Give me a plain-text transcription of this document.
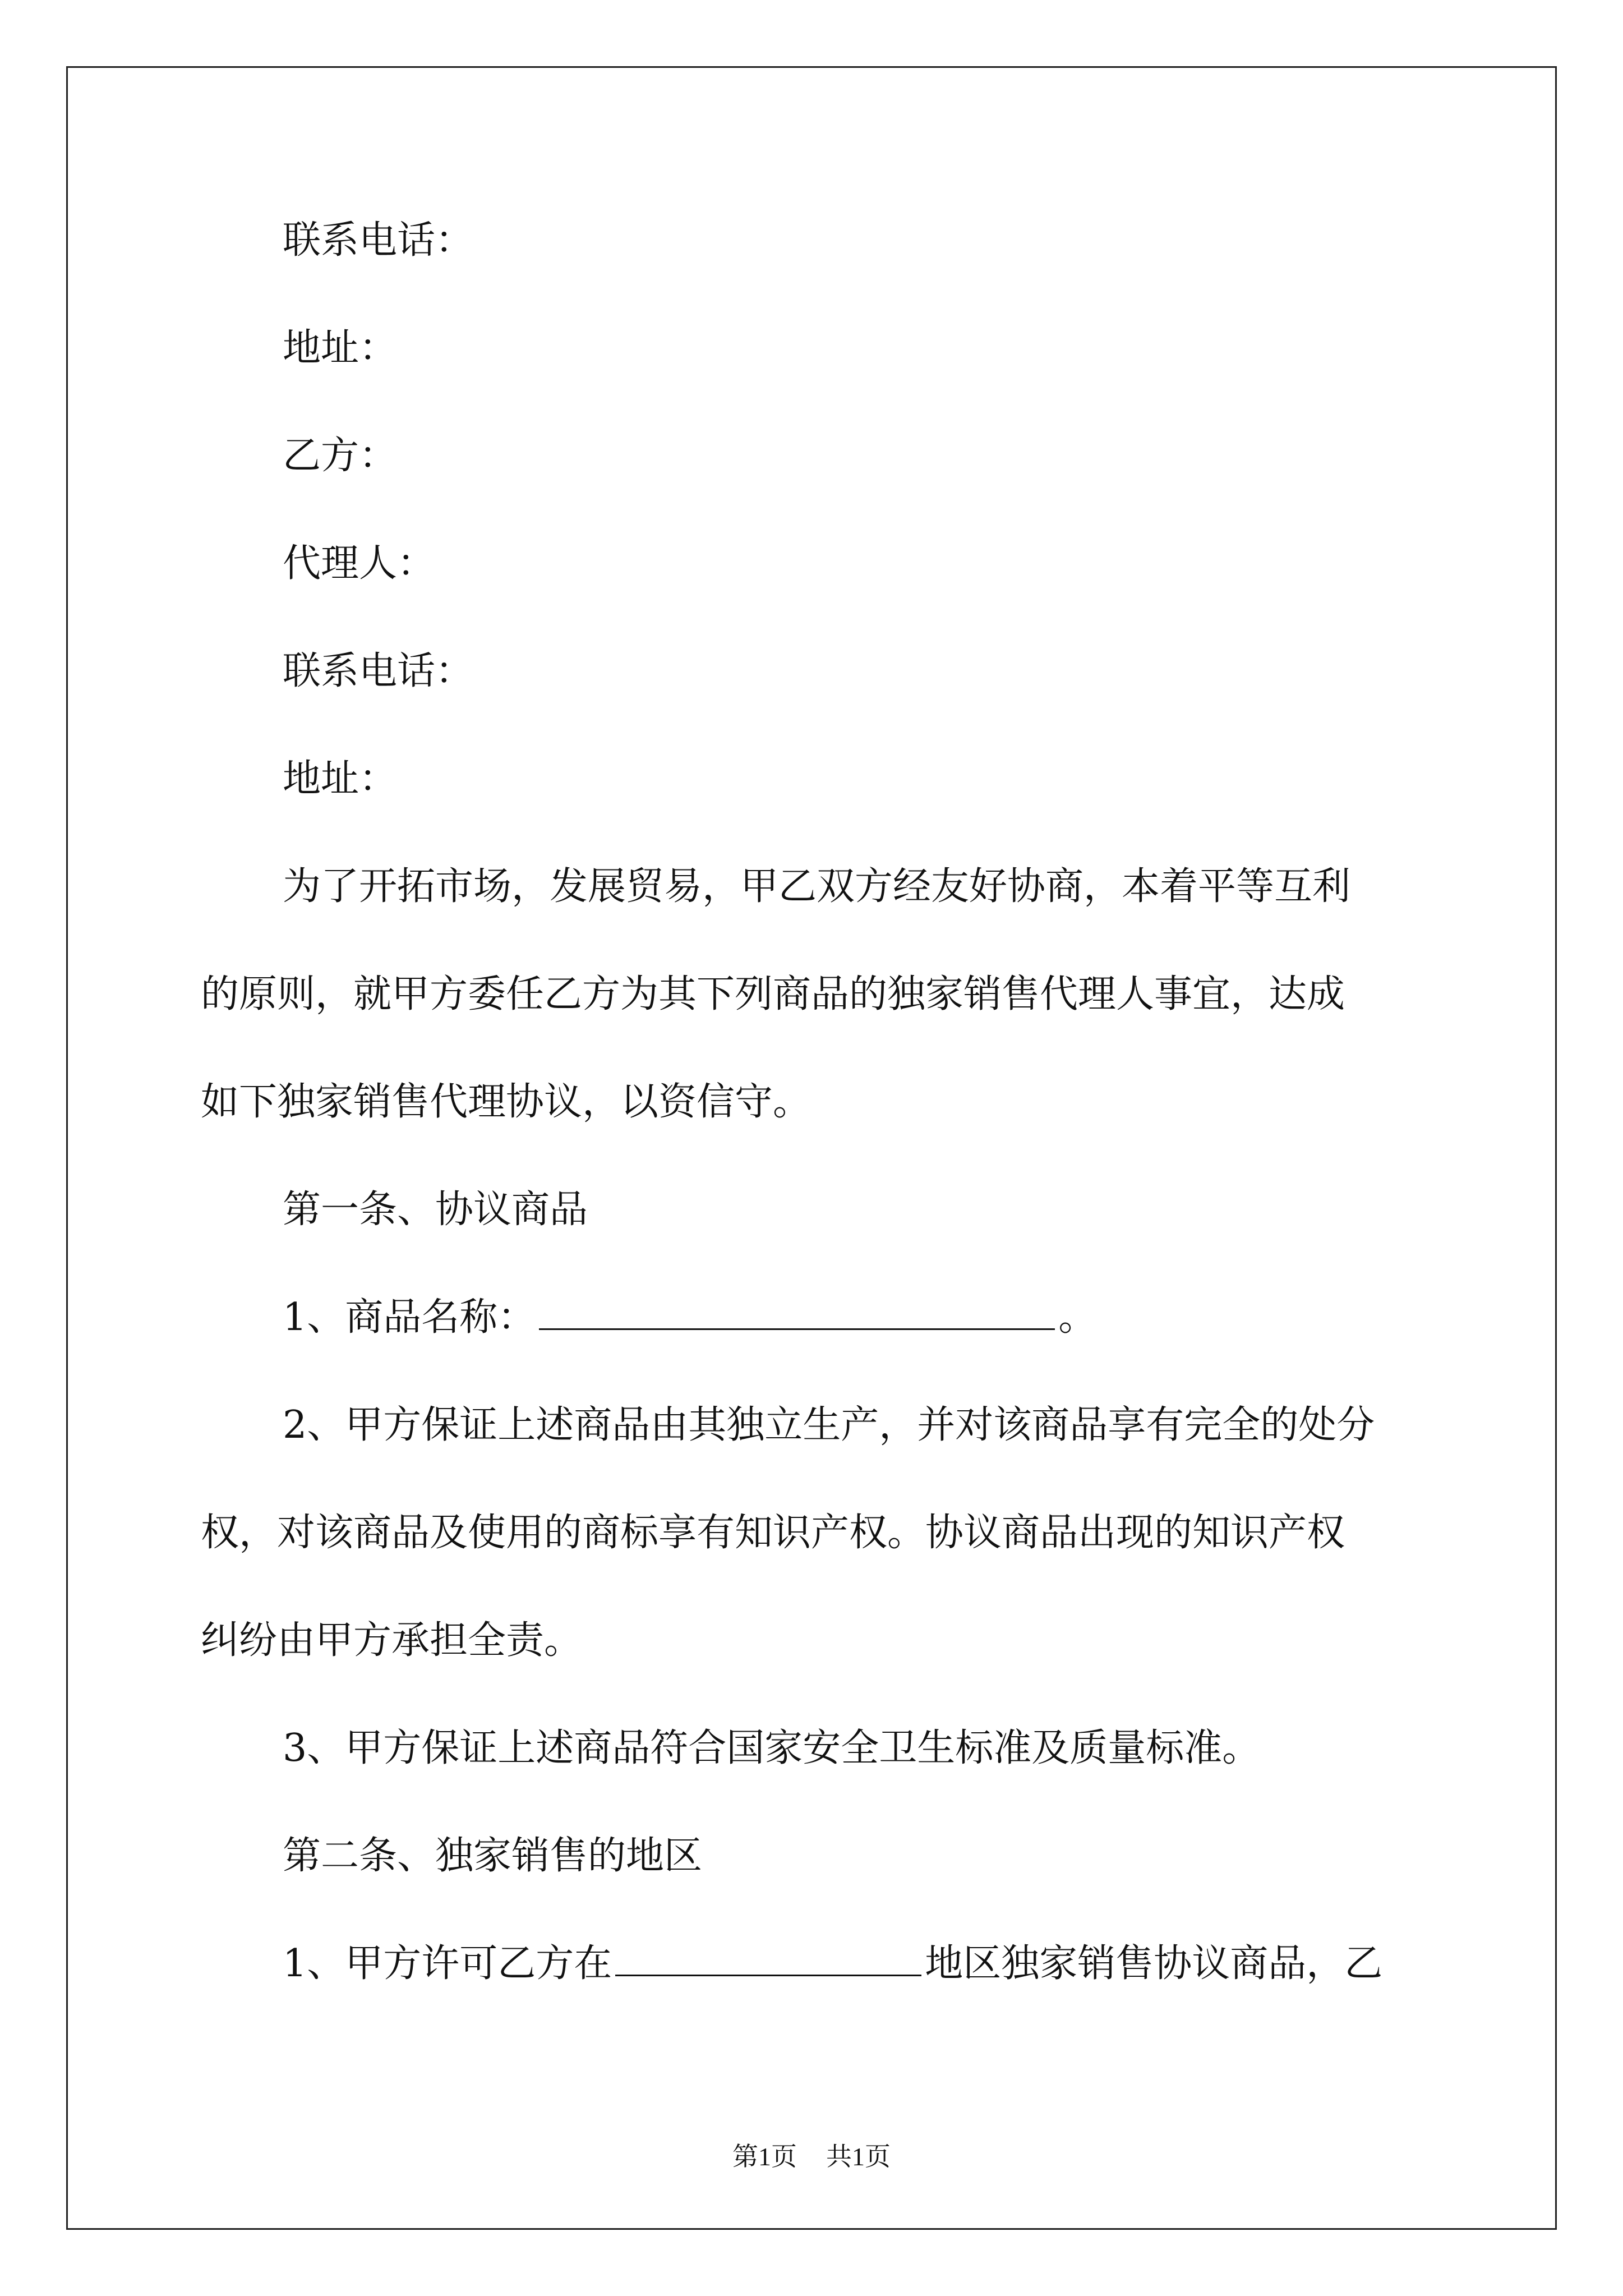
联系电话：
地址：
乙方：
代理人：
联系电话：
地址：
为了开拓市场，发展贸易，甲乙双方经友好协商，本着平等互利
的原则，就甲方委任乙方为其下列商品的独家销售代理人事宜，达成
如下独家销售代理协议，以资信守。
第一条、协议商品
1、商品名称：	。
2、甲方保证上述商品由其独立生产，并对该商品享有完全的处分
权，对该商品及使用的商标享有知识产权。协议商品出现的知识产权
纠纷由甲方承担全责。
3、甲方保证上述商品符合国家安全卫生标准及质量标准。
第二条、独家销售的地区
1、甲方许可乙方在	地区独家销售协议商品，乙
第1页 共1页
